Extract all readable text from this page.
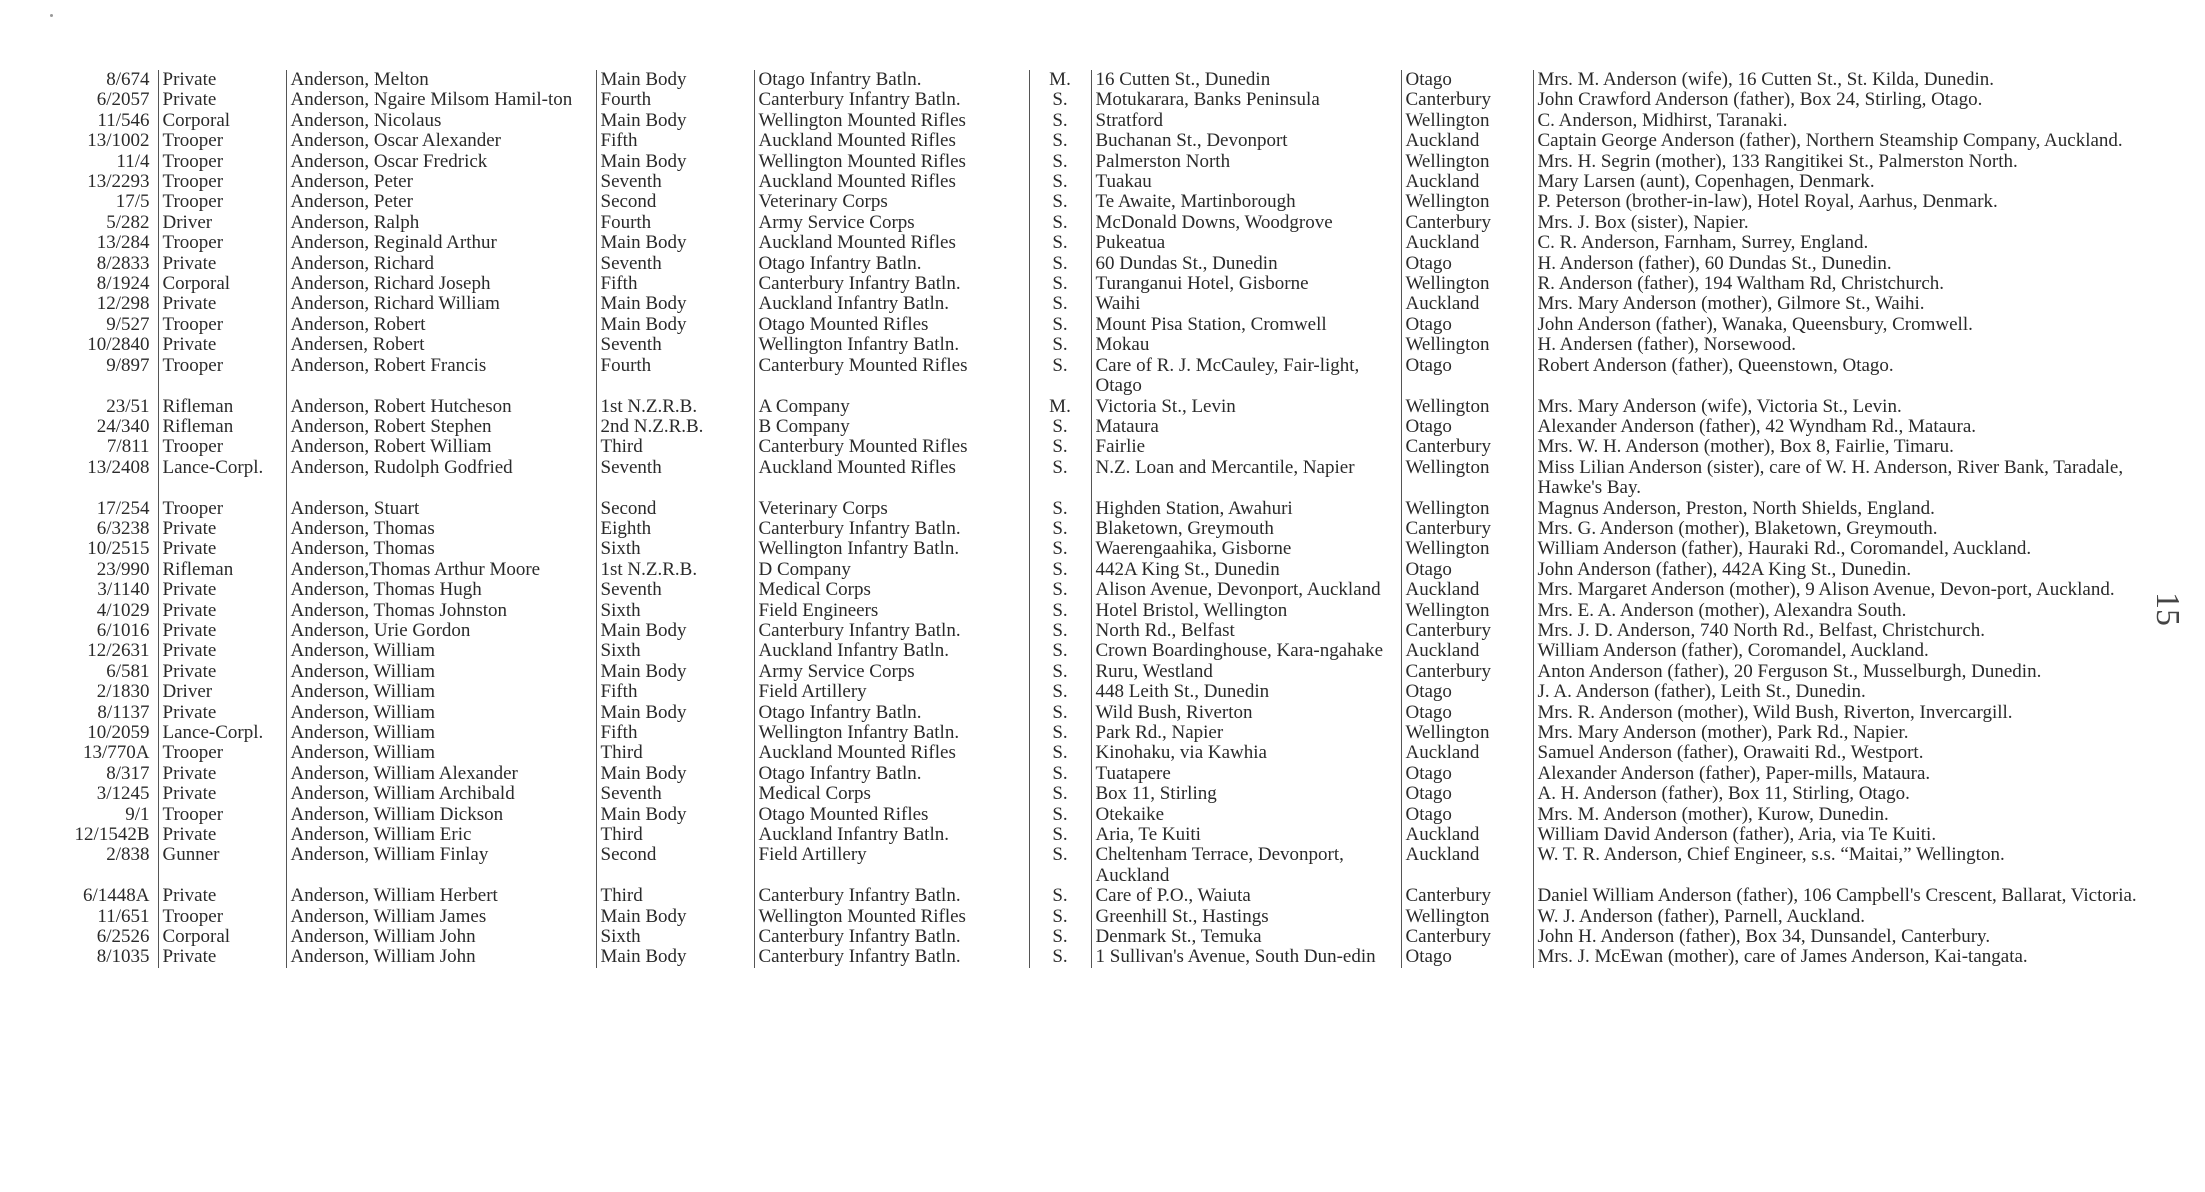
8/674	Private	Anderson, Melton	Main Body	Otago Infantry Batln.	M.	16 Cutten St., Dunedin	Otago	Mrs. M. Anderson (wife), 16 Cutten St., St. Kilda, Dunedin.
6/2057	Private	Anderson, Ngaire Milsom Hamil-ton	Fourth	Canterbury Infantry Batln.	S.	Motukarara, Banks Peninsula	Canterbury	John Crawford Anderson (father), Box 24, Stirling, Otago.
11/546	Corporal	Anderson, Nicolaus	Main Body	Wellington Mounted Rifles	S.	Stratford	Wellington	C. Anderson, Midhirst, Taranaki.
13/1002	Trooper	Anderson, Oscar Alexander	Fifth	Auckland Mounted Rifles	S.	Buchanan St., Devonport	Auckland	Captain George Anderson (father), Northern Steamship Company, Auckland.
11/4	Trooper	Anderson, Oscar Fredrick	Main Body	Wellington Mounted Rifles	S.	Palmerston North	Wellington	Mrs. H. Segrin (mother), 133 Rangitikei St., Palmerston North.
13/2293	Trooper	Anderson, Peter	Seventh	Auckland Mounted Rifles	S.	Tuakau	Auckland	Mary Larsen (aunt), Copenhagen, Denmark.
17/5	Trooper	Anderson, Peter	Second	Veterinary Corps	S.	Te Awaite, Martinborough	Wellington	P. Peterson (brother-in-law), Hotel Royal, Aarhus, Denmark.
5/282	Driver	Anderson, Ralph	Fourth	Army Service Corps	S.	McDonald Downs, Woodgrove	Canterbury	Mrs. J. Box (sister), Napier.
13/284	Trooper	Anderson, Reginald Arthur	Main Body	Auckland Mounted Rifles	S.	Pukeatua	Auckland	C. R. Anderson, Farnham, Surrey, England.
8/2833	Private	Anderson, Richard	Seventh	Otago Infantry Batln.	S.	60 Dundas St., Dunedin	Otago	H. Anderson (father), 60 Dundas St., Dunedin.
8/1924	Corporal	Anderson, Richard Joseph	Fifth	Canterbury Infantry Batln.	S.	Turanganui Hotel, Gisborne	Wellington	R. Anderson (father), 194 Waltham Rd, Christchurch.
12/298	Private	Anderson, Richard William	Main Body	Auckland Infantry Batln.	S.	Waihi	Auckland	Mrs. Mary Anderson (mother), Gilmore St., Waihi.
9/527	Trooper	Anderson, Robert	Main Body	Otago Mounted Rifles	S.	Mount Pisa Station, Cromwell	Otago	John Anderson (father), Wanaka, Queensbury, Cromwell.
10/2840	Private	Andersen, Robert	Seventh	Wellington Infantry Batln.	S.	Mokau	Wellington	H. Andersen (father), Norsewood.
9/897	Trooper	Anderson, Robert Francis	Fourth	Canterbury Mounted Rifles	S.	Care of R. J. McCauley, Fair-light, Otago	Otago	Robert Anderson (father), Queenstown, Otago.
23/51	Rifleman	Anderson, Robert Hutcheson	1st N.Z.R.B.	A Company	M.	Victoria St., Levin	Wellington	Mrs. Mary Anderson (wife), Victoria St., Levin.
24/340	Rifleman	Anderson, Robert Stephen	2nd N.Z.R.B.	B Company	S.	Mataura	Otago	Alexander Anderson (father), 42 Wyndham Rd., Mataura.
7/811	Trooper	Anderson, Robert William	Third	Canterbury Mounted Rifles	S.	Fairlie	Canterbury	Mrs. W. H. Anderson (mother), Box 8, Fairlie, Timaru.
13/2408	Lance-Corpl.	Anderson, Rudolph Godfried	Seventh	Auckland Mounted Rifles	S.	N.Z. Loan and Mercantile, Napier	Wellington	Miss Lilian Anderson (sister), care of W. H. Anderson, River Bank, Taradale, Hawke's Bay.
17/254	Trooper	Anderson, Stuart	Second	Veterinary Corps	S.	Highden Station, Awahuri	Wellington	Magnus Anderson, Preston, North Shields, England.
6/3238	Private	Anderson, Thomas	Eighth	Canterbury Infantry Batln.	S.	Blaketown, Greymouth	Canterbury	Mrs. G. Anderson (mother), Blaketown, Greymouth.
10/2515	Private	Anderson, Thomas	Sixth	Wellington Infantry Batln.	S.	Waerengaahika, Gisborne	Wellington	William Anderson (father), Hauraki Rd., Coromandel, Auckland.
23/990	Rifleman	Anderson,Thomas Arthur Moore	1st N.Z.R.B.	D Company	S.	442A King St., Dunedin	Otago	John Anderson (father), 442A King St., Dunedin.
3/1140	Private	Anderson, Thomas Hugh	Seventh	Medical Corps	S.	Alison Avenue, Devonport, Auckland	Auckland	Mrs. Margaret Anderson (mother), 9 Alison Avenue, Devon-port, Auckland.
4/1029	Private	Anderson, Thomas Johnston	Sixth	Field Engineers	S.	Hotel Bristol, Wellington	Wellington	Mrs. E. A. Anderson (mother), Alexandra South.
6/1016	Private	Anderson, Urie Gordon	Main Body	Canterbury Infantry Batln.	S.	North Rd., Belfast	Canterbury	Mrs. J. D. Anderson, 740 North Rd., Belfast, Christchurch.
12/2631	Private	Anderson, William	Sixth	Auckland Infantry Batln.	S.	Crown Boardinghouse, Kara-ngahake	Auckland	William Anderson (father), Coromandel, Auckland.
6/581	Private	Anderson, William	Main Body	Army Service Corps	S.	Ruru, Westland	Canterbury	Anton Anderson (father), 20 Ferguson St., Musselburgh, Dunedin.
2/1830	Driver	Anderson, William	Fifth	Field Artillery	S.	448 Leith St., Dunedin	Otago	J. A. Anderson (father), Leith St., Dunedin.
8/1137	Private	Anderson, William	Main Body	Otago Infantry Batln.	S.	Wild Bush, Riverton	Otago	Mrs. R. Anderson (mother), Wild Bush, Riverton, Invercargill.
10/2059	Lance-Corpl.	Anderson, William	Fifth	Wellington Infantry Batln.	S.	Park Rd., Napier	Wellington	Mrs. Mary Anderson (mother), Park Rd., Napier.
13/770A	Trooper	Anderson, William	Third	Auckland Mounted Rifles	S.	Kinohaku, via Kawhia	Auckland	Samuel Anderson (father), Orawaiti Rd., Westport.
8/317	Private	Anderson, William Alexander	Main Body	Otago Infantry Batln.	S.	Tuatapere	Otago	Alexander Anderson (father), Paper-mills, Mataura.
3/1245	Private	Anderson, William Archibald	Seventh	Medical Corps	S.	Box 11, Stirling	Otago	A. H. Anderson (father), Box 11, Stirling, Otago.
9/1	Trooper	Anderson, William Dickson	Main Body	Otago Mounted Rifles	S.	Otekaike	Otago	Mrs. M. Anderson (mother), Kurow, Dunedin.
12/1542B	Private	Anderson, William Eric	Third	Auckland Infantry Batln.	S.	Aria, Te Kuiti	Auckland	William David Anderson (father), Aria, via Te Kuiti.
2/838	Gunner	Anderson, William Finlay	Second	Field Artillery	S.	Cheltenham Terrace, Devonport, Auckland	Auckland	W. T. R. Anderson, Chief Engineer, s.s. “Maitai,” Wellington.
6/1448A	Private	Anderson, William Herbert	Third	Canterbury Infantry Batln.	S.	Care of P.O., Waiuta	Canterbury	Daniel William Anderson (father), 106 Campbell's Crescent, Ballarat, Victoria.
11/651	Trooper	Anderson, William James	Main Body	Wellington Mounted Rifles	S.	Greenhill St., Hastings	Wellington	W. J. Anderson (father), Parnell, Auckland.
6/2526	Corporal	Anderson, William John	Sixth	Canterbury Infantry Batln.	S.	Denmark St., Temuka	Canterbury	John H. Anderson (father), Box 34, Dunsandel, Canterbury.
8/1035	Private	Anderson, William John	Main Body	Canterbury Infantry Batln.	S.	1 Sullivan's Avenue, South Dun-edin	Otago	Mrs. J. McEwan (mother), care of James Anderson, Kai-tangata.
15
